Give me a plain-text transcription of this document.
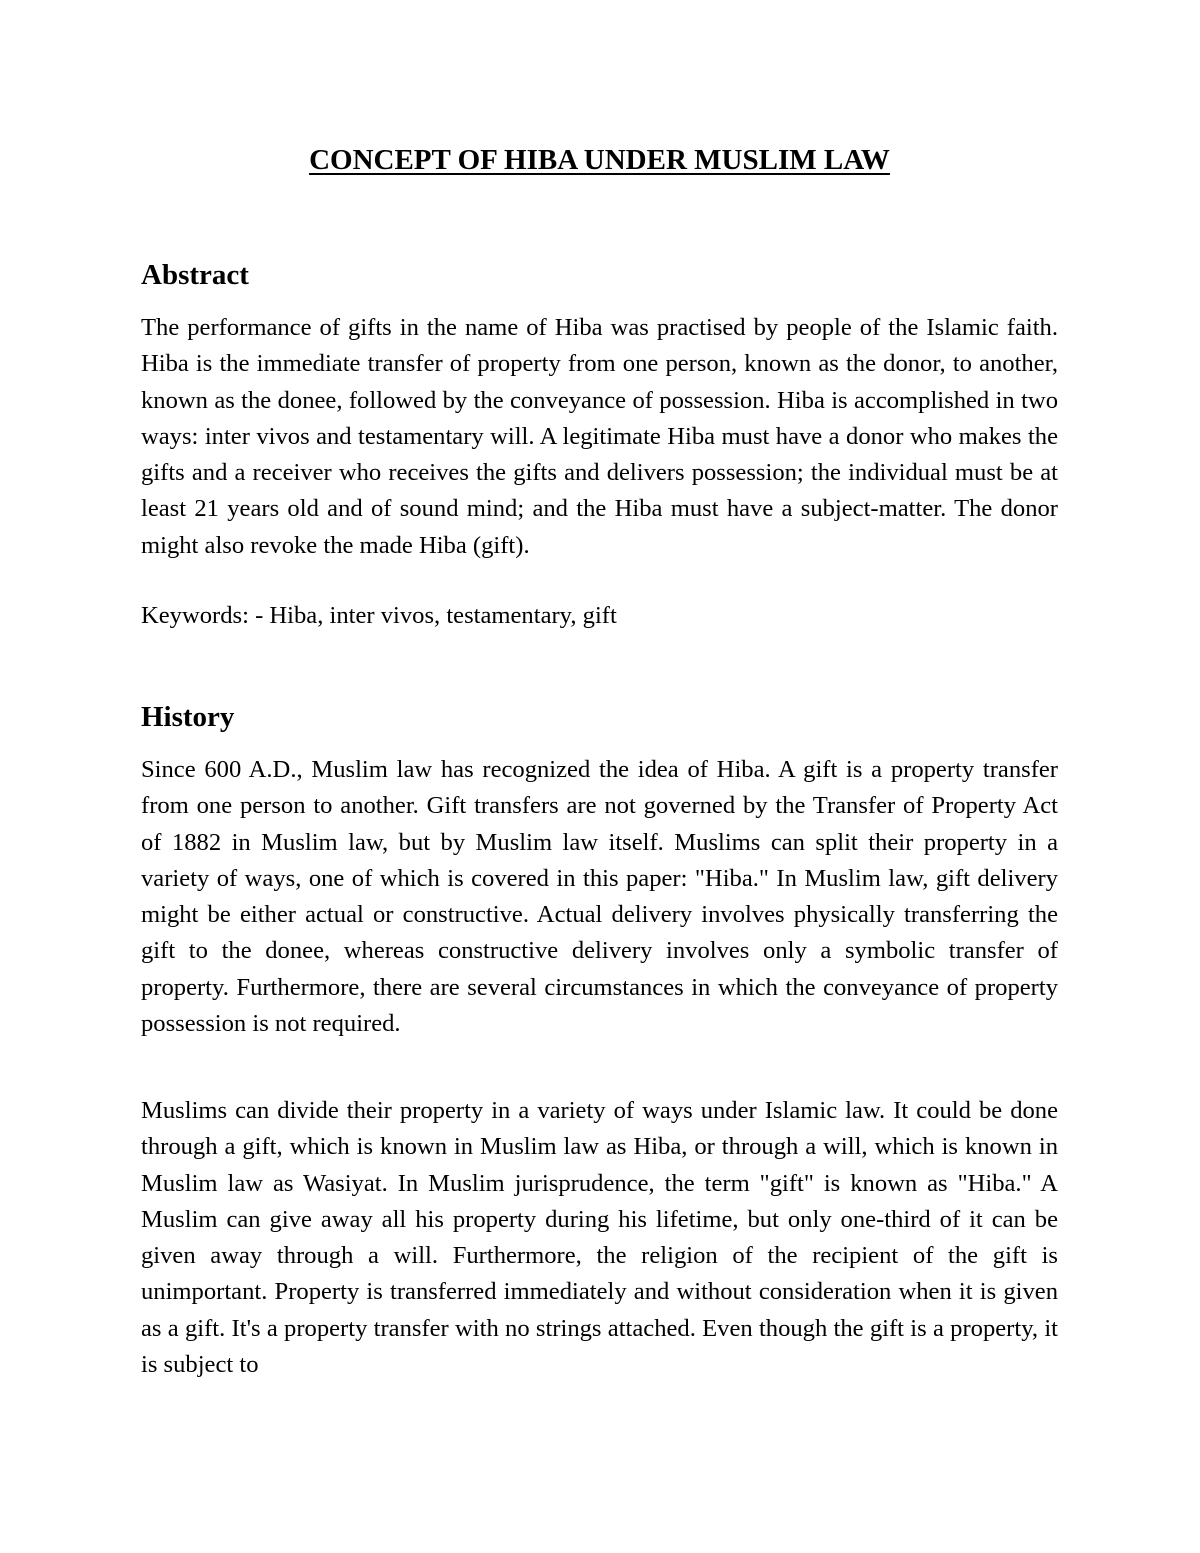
CONCEPT OF HIBA UNDER MUSLIM LAW
Abstract

The performance of gifts in the name of Hiba was practised by people of the Islamic faith. Hiba is the immediate transfer of property from one person, known as the donor, to another, known as the donee, followed by the conveyance of possession. Hiba is accomplished in two ways: inter vivos and testamentary will. A legitimate Hiba must have a donor who makes the gifts and a receiver who receives the gifts and delivers possession; the individual must be at least 21 years old and of sound mind; and the Hiba must have a subject-matter. The donor might also revoke the made Hiba (gift).

Keywords: - Hiba, inter vivos, testamentary, gift

History

Since 600 A.D., Muslim law has recognized the idea of Hiba. A gift is a property transfer from one person to another. Gift transfers are not governed by the Transfer of Property Act of 1882 in Muslim law, but by Muslim law itself. Muslims can split their property in a variety of ways, one of which is covered in this paper: "Hiba." In Muslim law, gift delivery might be either actual or constructive. Actual delivery involves physically transferring the gift to the donee, whereas constructive delivery involves only a symbolic transfer of property. Furthermore, there are several circumstances in which the conveyance of property possession is not required.

Muslims can divide their property in a variety of ways under Islamic law. It could be done through a gift, which is known in Muslim law as Hiba, or through a will, which is known in Muslim law as Wasiyat. In Muslim jurisprudence, the term "gift" is known as "Hiba." A Muslim can give away all his property during his lifetime, but only one-third of it can be given away through a will. Furthermore, the religion of the recipient of the gift is unimportant. Property is transferred immediately and without consideration when it is given as a gift. It's a property transfer with no strings attached. Even though the gift is a property, it is subject to
